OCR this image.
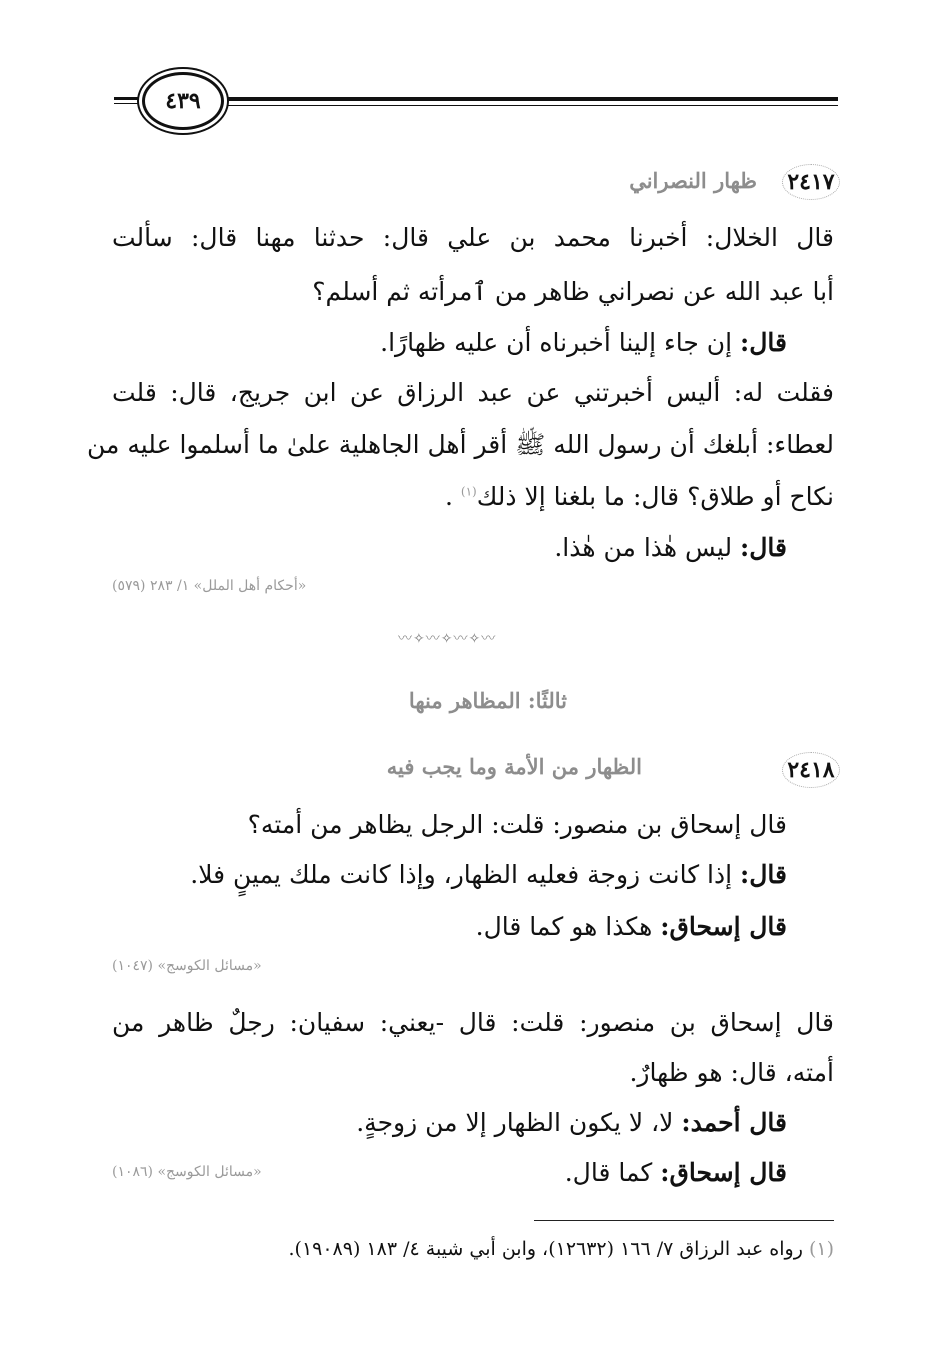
٤٣٩
٢٤١٧
ظهار النصراني
قال الخلال: أخبرنا محمد بن علي قال: حدثنا مهنا قال: سألت
أبا عبد الله عن نصراني ظاهر من ٱمرأته ثم أسلم؟
قال: إن جاء إلينا أخبرناه أن عليه ظهارًا.
فقلت له: أليس أخبرتني عن عبد الرزاق عن ابن جريج، قال: قلت
لعطاء: أبلغك أن رسول الله ﷺ أقر أهل الجاهلية علىٰ ما أسلموا عليه من
نكاح أو طلاق؟ قال: ما بلغنا إلا ذلك$^{(١)}$ .
قال: ليس هٰذا من هٰذا.
«أحكام أهل الملل» ١/ ٢٨٣ (٥٧٩)
〰✧〰✧〰✧〰
ثالثًا: المظاهر منها
٢٤١٨
الظهار من الأمة وما يجب فيه
قال إسحاق بن منصور: قلت: الرجل يظاهر من أمته؟
قال: إذا كانت زوجة فعليه الظهار، وإذا كانت ملك يمينٍ فلا.
قال إسحاق: هكذا هو كما قال.
«مسائل الكوسج» (١٠٤٧)
قال إسحاق بن منصور: قلت: قال -يعني: سفيان: رجلٌ ظاهر من
أمته، قال: هو ظهارٌ.
قال أحمد: لا، لا يكون الظهار إلا من زوجةٍ.
قال إسحاق: كما قال.
«مسائل الكوسج» (١٠٨٦)
(١) رواه عبد الرزاق ٧/ ١٦٦ (١٢٦٣٢)، وابن أبي شيبة ٤/ ١٨٣ (١٩٠٨٩).
